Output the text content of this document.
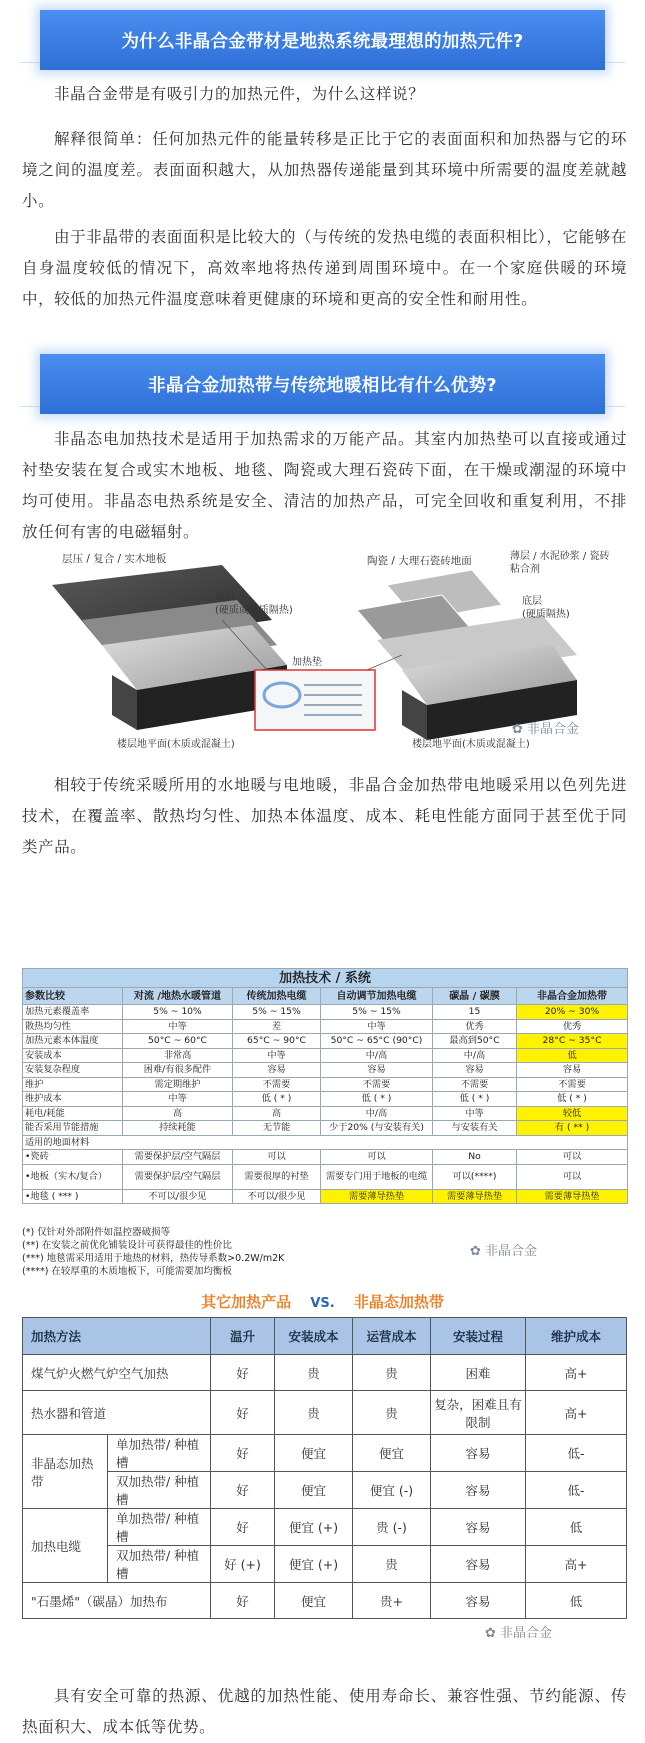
为什么非晶合金带材是地热系统最理想的加热元件?
非晶合金带是有吸引力的加热元件，为什么这样说？
解释很简单：任何加热元件的能量转移是正比于它的表面面积和加热器与它的环境之间的温度差。表面面积越大，从加热器传递能量到其环境中所需要的温度差就越小。
由于非晶带的表面面积是比较大的（与传统的发热电缆的表面积相比），它能够在自身温度较低的情况下，高效率地将热传递到周围环境中。在一个家庭供暖的环境中，较低的加热元件温度意味着更健康的环境和更高的安全性和耐用性。
非晶合金加热带与传统地暖相比有什么优势?
非晶态电加热技术是适用于加热需求的万能产品。其室内加热垫可以直接或通过衬垫安装在复合或实木地板、地毯、陶瓷或大理石瓷砖下面，在干燥或潮湿的环境中均可使用。非晶态电热系统是安全、清洁的加热产品，可完全回收和重复利用，不排放任何有害的电磁辐射。
层压 / 复合 / 实木地板
底层
(硬质或软质隔热)
楼层地平面(木质或混凝土)
加热垫
陶瓷 / 大理石瓷砖地面	薄层 / 水泥砂浆 / 瓷砖粘合剂
底层
(硬质隔热)
楼层地平面(木质或混凝土)
✿ 非晶合金
相较于传统采暖所用的水地暖与电地暖，非晶合金加热带电地暖采用以色列先进技术，在覆盖率、散热均匀性、加热本体温度、成本、耗电性能方面同于甚至优于同类产品。
加热技术 / 系统					
参数比较	对流 /地热水暖管道	传统加热电缆	自动调节加热电缆	碳晶 / 碳膜	非晶合金加热带
加热元素覆盖率	5% ~ 10%	5% ~ 15%	5% ~ 15%	15	20% ~ 30%
散热均匀性	中等	差	中等	优秀	优秀
加热元素本体温度	50°C ~ 60°C	65°C ~ 90°C	50°C ~ 65°C (90°C)	最高到50°C	28°C ~ 35°C
安装成本	非常高	中等	中/高	中/高	低
安装复杂程度	困难/有很多配件	容易	容易	容易	容易
维护	需定期维护	不需要	不需要	不需要	不需要
维护成本	中等	低 ( * )	低 ( * )	低 ( * )	低 ( * )
耗电/耗能	高	高	中/高	中等	较低
能否采用节能措施	持续耗能	无节能	少于20% (与安装有关)	与安装有关	有 ( ** )
适用的地面材料					
•瓷砖	需要保护层/空气隔层	可以	可以	No	可以
•地板（实木/复合）	需要保护层/空气隔层	需要很厚的衬垫	需要专门用于地板的电缆	可以(****)	可以
•地毯 ( *** )	不可以/很少见	不可以/很少见	需要薄导热垫	需要薄导热垫	需要薄导热垫
(*) 仅针对外部附件如温控器破损等
(**) 在安装之前优化铺装设计可获得最佳的性价比
(***) 地毯需采用适用于地热的材料，热传导系数>0.2W/m2K
(****) 在较厚重的木质地板下，可能需要加均衡板
✿ 非晶合金
其它加热产品 VS. 非晶态加热带
加热方法		温升	安装成本	运营成本	安装过程	维护成本
煤气炉火燃气炉空气加热		好	贵	贵	困难	高+
热水器和管道		好	贵	贵	复杂，困难且有限制	高+
非晶态加热带	单加热带/ 种植槽	好	便宜	便宜	容易	低-
	双加热带/ 种植槽	好	便宜	便宜 (-)	容易	低-
加热电缆	单加热带/ 种植槽	好	便宜 (+)	贵 (-)	容易	低
	双加热带/ 种植槽	好 (+)	便宜 (+)	贵	容易	高+
"石墨烯"（碳晶）加热布		好	便宜	贵+	容易	低
✿ 非晶合金
具有安全可靠的热源、优越的加热性能、使用寿命长、兼容性强、节约能源、传热面积大、成本低等优势。
